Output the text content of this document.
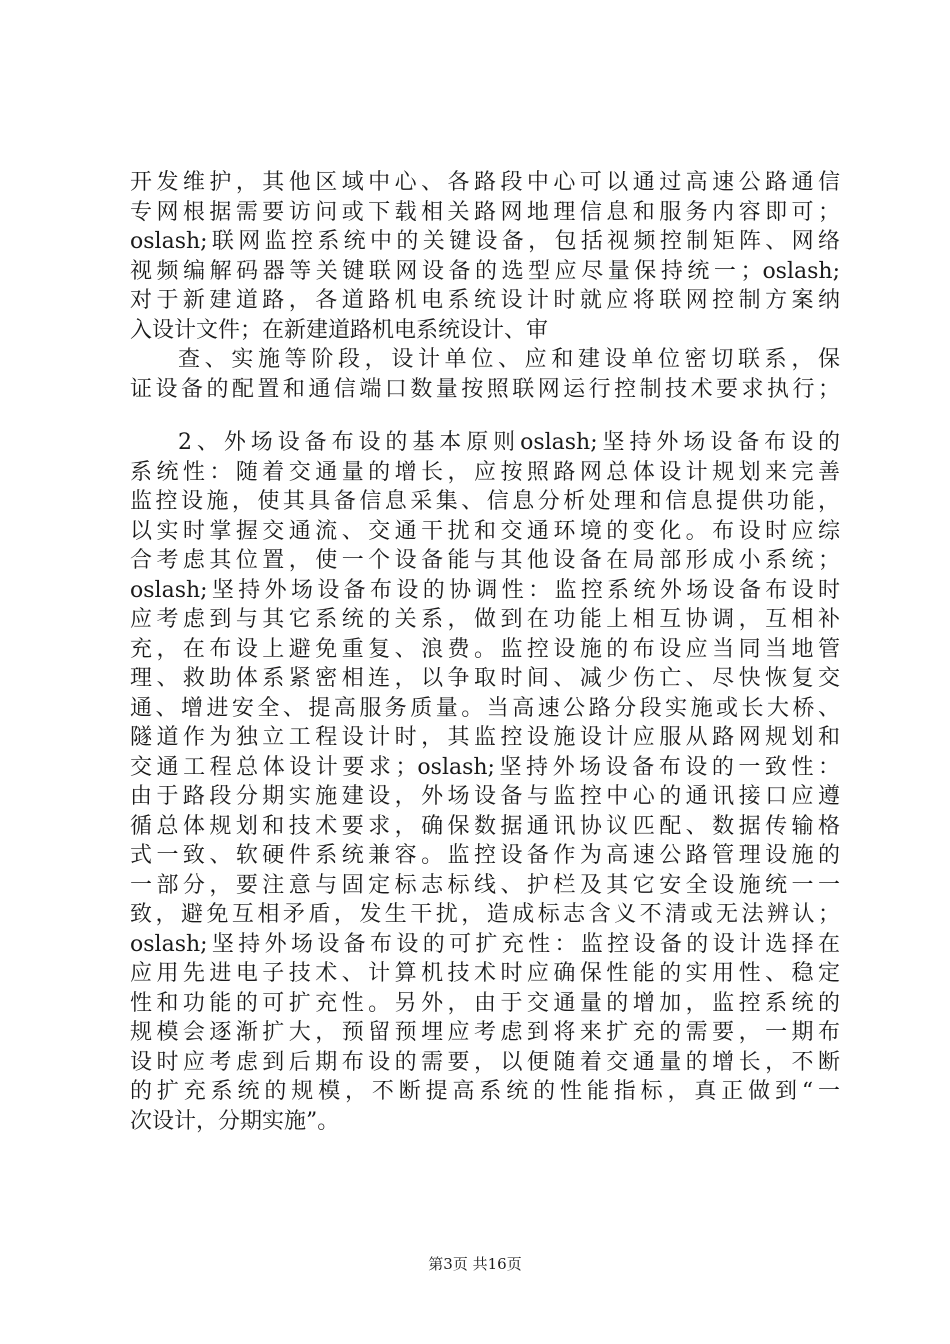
开发维护，其他区域中心、各路段中心可以通过高速公路通信
专网根据需要访问或下载相关路网地理信息和服务内容即可；
oslash;联网监控系统中的关键设备，包括视频控制矩阵、网络
视频编解码器等关键联网设备的选型应尽量保持统一；oslash;
对于新建道路，各道路机电系统设计时就应将联网控制方案纳
入设计文件；在新建道路机电系统设计、审
查、实施等阶段，设计单位、应和建设单位密切联系，保
证设备的配置和通信端口数量按照联网运行控制技术要求执行；
2、外场设备布设的基本原则oslash;坚持外场设备布设的
系统性：随着交通量的增长，应按照路网总体设计规划来完善
监控设施，使其具备信息采集、信息分析处理和信息提供功能，
以实时掌握交通流、交通干扰和交通环境的变化。布设时应综
合考虑其位置，使一个设备能与其他设备在局部形成小系统；
oslash;坚持外场设备布设的协调性：监控系统外场设备布设时
应考虑到与其它系统的关系，做到在功能上相互协调，互相补
充，在布设上避免重复、浪费。监控设施的布设应当同当地管
理、救助体系紧密相连，以争取时间、减少伤亡、尽快恢复交
通、增进安全、提高服务质量。当高速公路分段实施或长大桥、
隧道作为独立工程设计时，其监控设施设计应服从路网规划和
交通工程总体设计要求；oslash;坚持外场设备布设的一致性：
由于路段分期实施建设，外场设备与监控中心的通讯接口应遵
循总体规划和技术要求，确保数据通讯协议匹配、数据传输格
式一致、软硬件系统兼容。监控设备作为高速公路管理设施的
一部分，要注意与固定标志标线、护栏及其它安全设施统一一
致，避免互相矛盾，发生干扰，造成标志含义不清或无法辨认；
oslash;坚持外场设备布设的可扩充性：监控设备的设计选择在
应用先进电子技术、计算机技术时应确保性能的实用性、稳定
性和功能的可扩充性。另外，由于交通量的增加，监控系统的
规模会逐渐扩大，预留预埋应考虑到将来扩充的需要，一期布
设时应考虑到后期布设的需要，以便随着交通量的增长，不断
的扩充系统的规模，不断提高系统的性能指标，真正做到“一
次设计，分期实施”。
第3页 共16页
